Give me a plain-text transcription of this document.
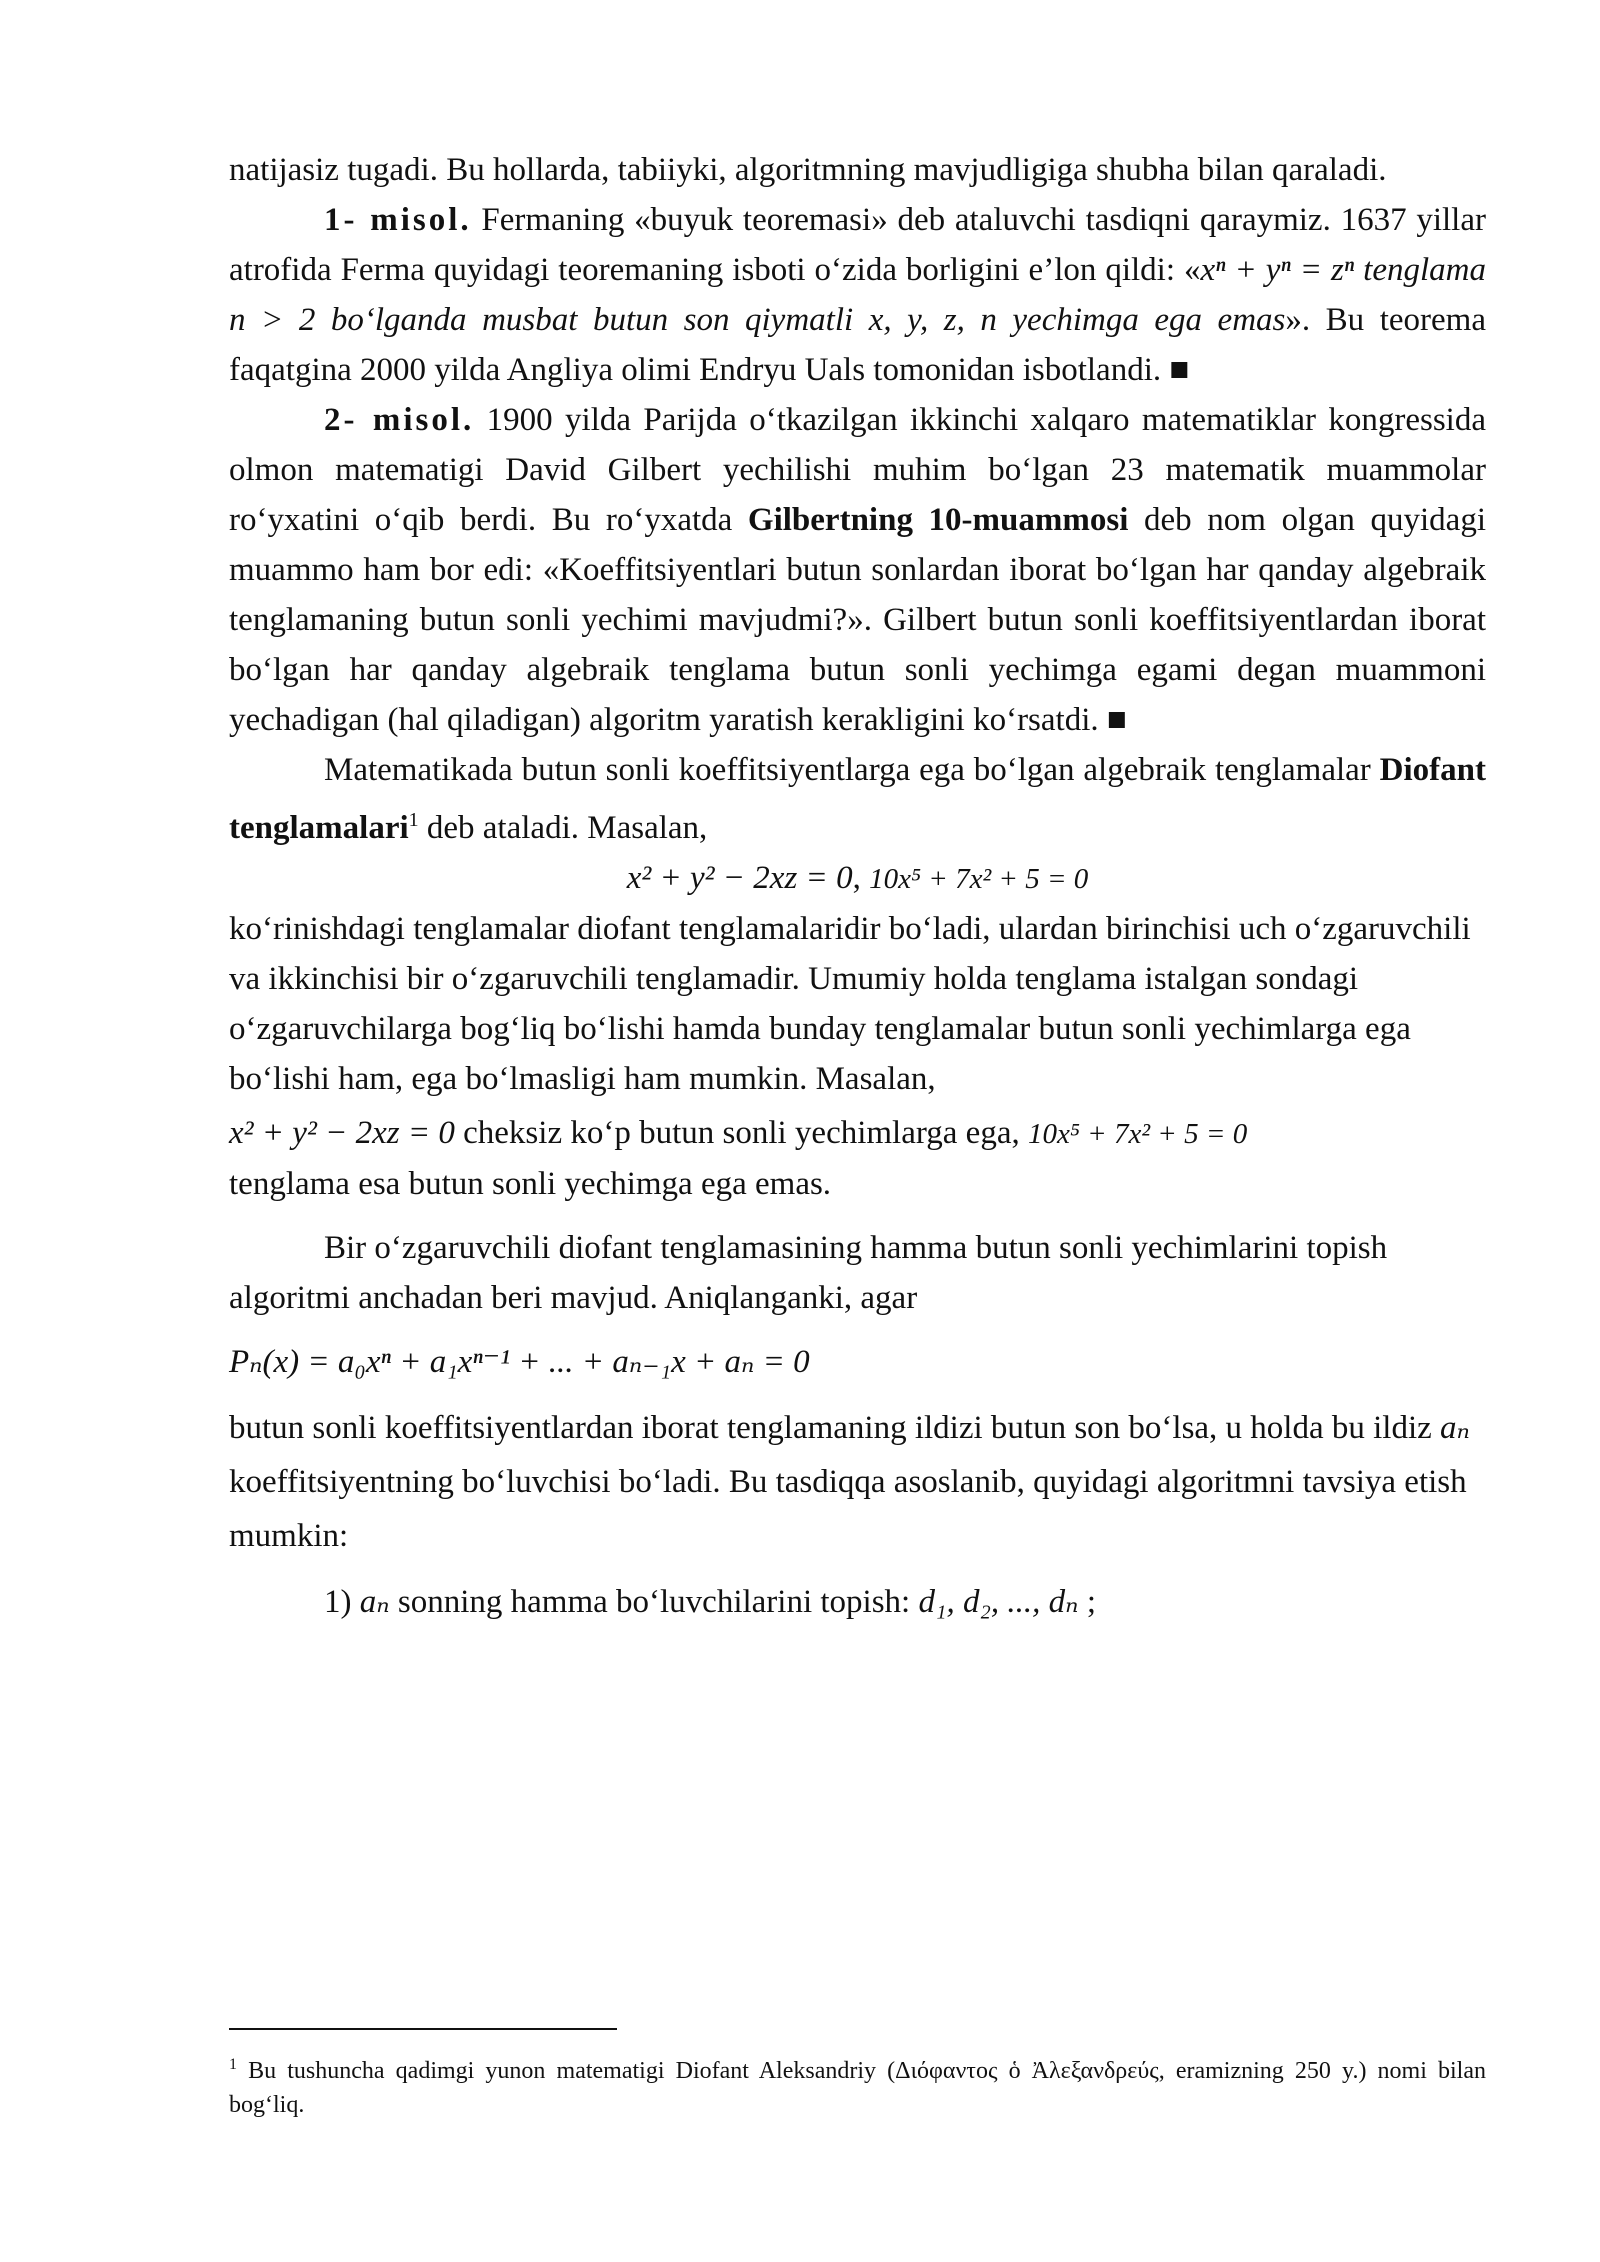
natijasiz tugadi. Bu hollarda, tabiiyki, algoritmning mavjudligiga shubha bilan qaraladi.

1- misol. Fermaning «buyuk teoremasi» deb ataluvchi tasdiqni qaraymiz. 1637 yillar atrofida Ferma quyidagi teoremaning isboti o‘zida borligini e’lon qildi: «xⁿ + yⁿ = zⁿ tenglama n > 2 bo‘lganda musbat butun son qiymatli x, y, z, n yechimga ega emas». Bu teorema faqatgina 2000 yilda Angliya olimi Endryu Uals tomonidan isbotlandi. ■

2- misol. 1900 yilda Parijda o‘tkazilgan ikkinchi xalqaro matematiklar kongressida olmon matematigi David Gilbert yechilishi muhim bo‘lgan 23 matematik muammolar ro‘yxatini o‘qib berdi. Bu ro‘yxatda Gilbertning 10-muammosi deb nom olgan quyidagi muammo ham bor edi: «Koeffitsiyentlari butun sonlardan iborat bo‘lgan har qanday algebraik tenglamaning butun sonli yechimi mavjudmi?». Gilbert butun sonli koeffitsiyentlardan iborat bo‘lgan har qanday algebraik tenglama butun sonli yechimga egami degan muammoni yechadigan (hal qiladigan) algoritm yaratish kerakligini ko‘rsatdi. ■

Matematikada butun sonli koeffitsiyentlarga ega bo‘lgan algebraik tenglamalar Diofant tenglamalari$^1$ deb ataladi. Masalan,

x² + y² − 2xz = 0, 10x⁵ + 7x² + 5 = 0

ko‘rinishdagi tenglamalar diofant tenglamalaridir bo‘ladi, ulardan birinchisi uch o‘zgaruvchili va ikkinchisi bir o‘zgaruvchili tenglamadir. Umumiy holda tenglama istalgan sondagi o‘zgaruvchilarga bog‘liq bo‘lishi hamda bunday tenglamalar butun sonli yechimlarga ega bo‘lishi ham, ega bo‘lmasligi ham mumkin. Masalan,

x² + y² − 2xz = 0 cheksiz ko‘p butun sonli yechimlarga ega, 10x⁵ + 7x² + 5 = 0
tenglama esa butun sonli yechimga ega emas.

Bir o‘zgaruvchili diofant tenglamasining hamma butun sonli yechimlarini topish algoritmi anchadan beri mavjud. Aniqlanganki, agar

Pₙ(x) = a₀xⁿ + a₁xⁿ⁻¹ + ... + aₙ₋₁x + aₙ = 0

butun sonli koeffitsiyentlardan iborat tenglamaning ildizi butun son bo‘lsa, u holda bu ildiz aₙ koeffitsiyentning bo‘luvchisi bo‘ladi. Bu tasdiqqa asoslanib, quyidagi algoritmni tavsiya etish mumkin:

1) aₙ sonning hamma bo‘luvchilarini topish: d₁, d₂, ..., dₙ ;

$^1$ Bu tushuncha qadimgi yunon matematigi Diofant Aleksandriy (Διόφαντος ὁ Ἀλεξανδρεύς, eramizning 250 y.) nomi bilan bog‘liq.
